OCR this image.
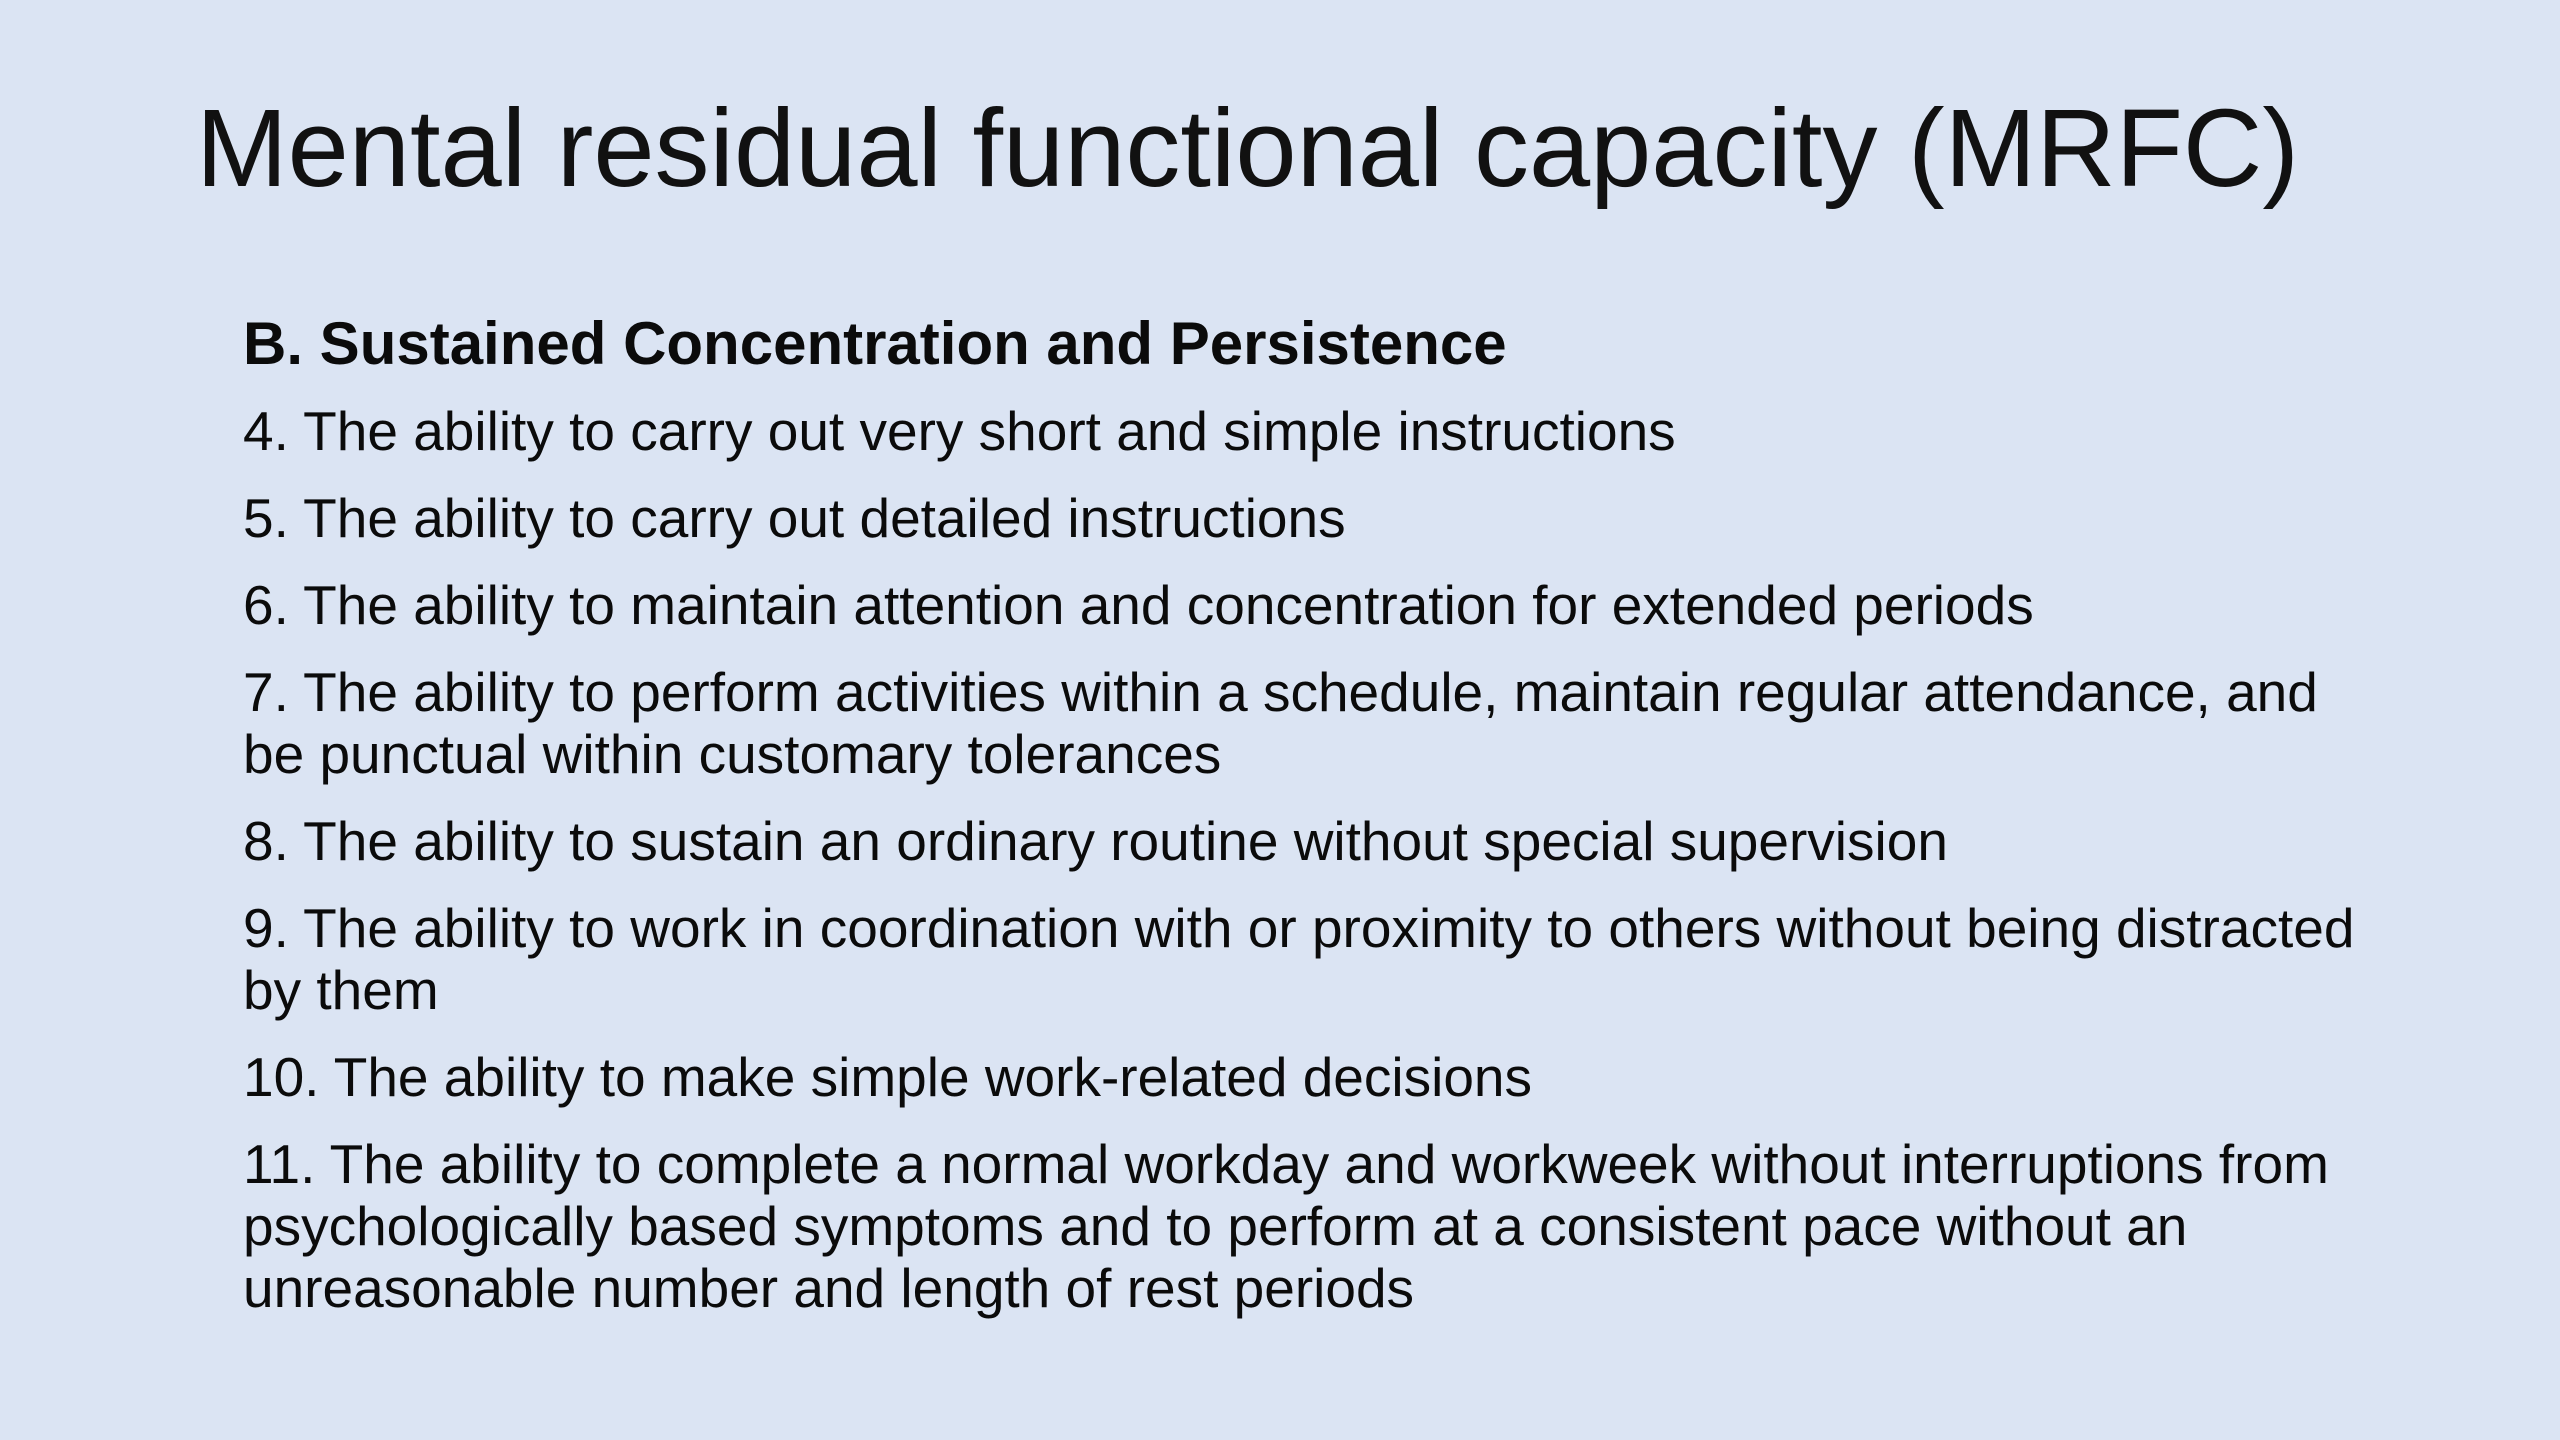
Mental residual functional capacity (MRFC)
B. Sustained Concentration and Persistence
4. The ability to carry out very short and simple instructions
5. The ability to carry out detailed instructions
6. The ability to maintain attention and concentration for extended periods
7. The ability to perform activities within a schedule, maintain regular attendance, and be punctual within customary tolerances
8. The ability to sustain an ordinary routine without special supervision
9. The ability to work in coordination with or proximity to others without being distracted by them
10. The ability to make simple work-related decisions
11. The ability to complete a normal workday and workweek without interruptions from psychologically based symptoms and to perform at a consistent pace without an unreasonable number and length of rest periods
